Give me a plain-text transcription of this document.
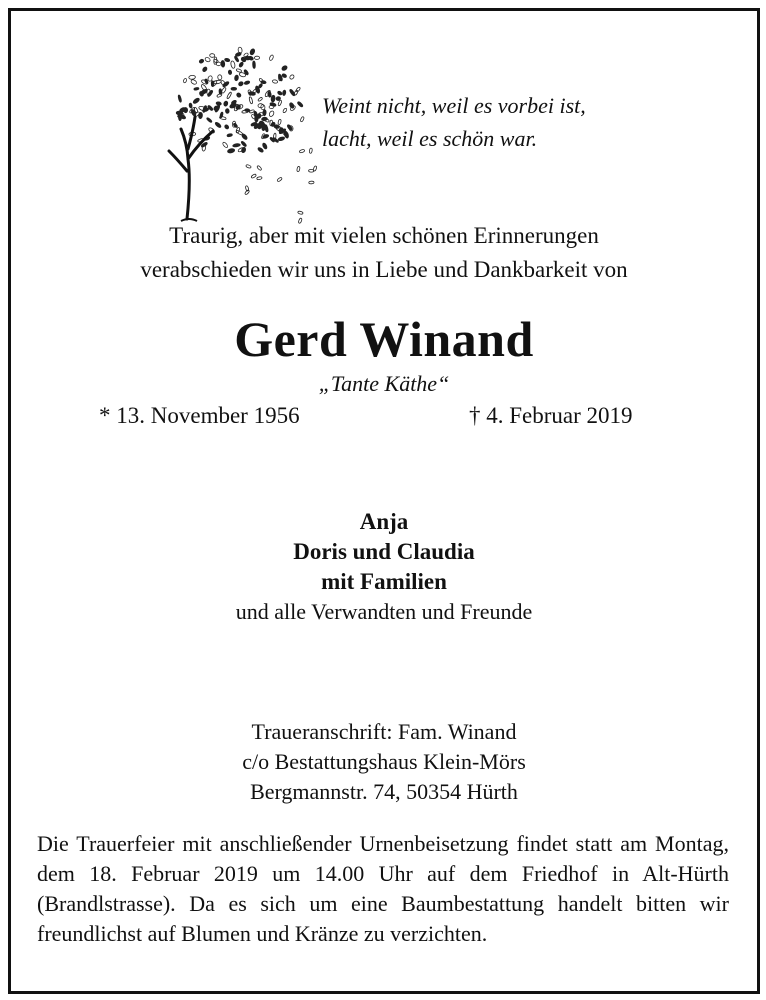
Weint nicht, weil es vorbei ist,
lacht, weil es schön war.
Traurig, aber mit vielen schönen Erinnerungen
verabschieden wir uns in Liebe und Dankbarkeit von
Gerd Winand
„Tante Käthe“
* 13. November 1956	† 4. Februar 2019
Anja
Doris und Claudia
mit Familien
und alle Verwandten und Freunde
Traueranschrift: Fam. Winand
c/o Bestattungshaus Klein-Mörs
Bergmannstr. 74, 50354 Hürth
Die Trauerfeier mit anschließender Urnenbeisetzung findet statt am Montag, dem 18. Februar 2019 um 14.00 Uhr auf dem Friedhof in Alt-Hürth (Brandlstrasse). Da es sich um eine Baumbestattung handelt bitten wir freundlichst auf Blumen und Kränze zu verzichten.
